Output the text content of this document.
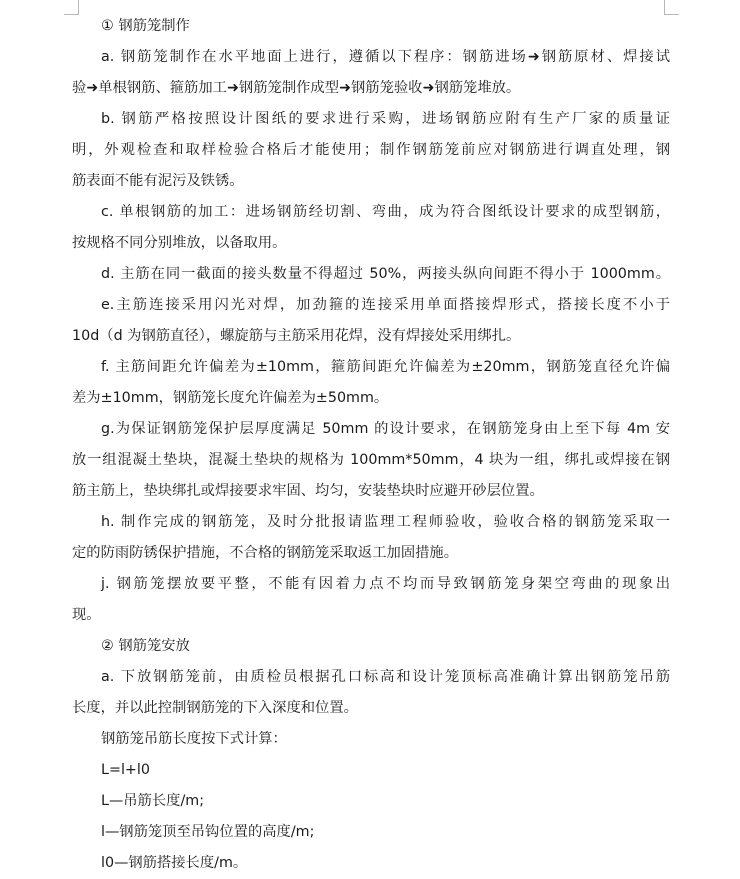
① 钢筋笼制作
a. 钢筋笼制作在水平地面上进行，遵循以下程序：钢筋进场➜钢筋原材、焊接试
验➜单根钢筋、箍筋加工➜钢筋笼制作成型➜钢筋笼验收➜钢筋笼堆放。
b. 钢筋严格按照设计图纸的要求进行采购，进场钢筋应附有生产厂家的质量证
明，外观检查和取样检验合格后才能使用；制作钢筋笼前应对钢筋进行调直处理，钢
筋表面不能有泥污及铁锈。
c. 单根钢筋的加工：进场钢筋经切割、弯曲，成为符合图纸设计要求的成型钢筋，
按规格不同分别堆放，以备取用。
d. 主筋在同一截面的接头数量不得超过 50%，两接头纵向间距不得小于 1000mm。
e.主筋连接采用闪光对焊，加劲箍的连接采用单面搭接焊形式，搭接长度不小于
10d（d 为钢筋直径），螺旋筋与主筋采用花焊，没有焊接处采用绑扎。
f. 主筋间距允许偏差为±10mm，箍筋间距允许偏差为±20mm，钢筋笼直径允许偏
差为±10mm，钢筋笼长度允许偏差为±50mm。
g.为保证钢筋笼保护层厚度满足 50mm 的设计要求，在钢筋笼身由上至下每 4m 安
放一组混凝土垫块，混凝土垫块的规格为 100mm*50mm，4 块为一组，绑扎或焊接在钢
筋主筋上，垫块绑扎或焊接要求牢固、均匀，安装垫块时应避开砂层位置。
h. 制作完成的钢筋笼，及时分批报请监理工程师验收，验收合格的钢筋笼采取一
定的防雨防锈保护措施，不合格的钢筋笼采取返工加固措施。
j. 钢筋笼摆放要平整，不能有因着力点不均而导致钢筋笼身架空弯曲的现象出
现。
② 钢筋笼安放
a. 下放钢筋笼前，由质检员根据孔口标高和设计笼顶标高准确计算出钢筋笼吊筋
长度，并以此控制钢筋笼的下入深度和位置。
钢筋笼吊筋长度按下式计算：
L=l+l0
L—吊筋长度/m;
l—钢筋笼顶至吊钩位置的高度/m;
l0—钢筋搭接长度/m。
